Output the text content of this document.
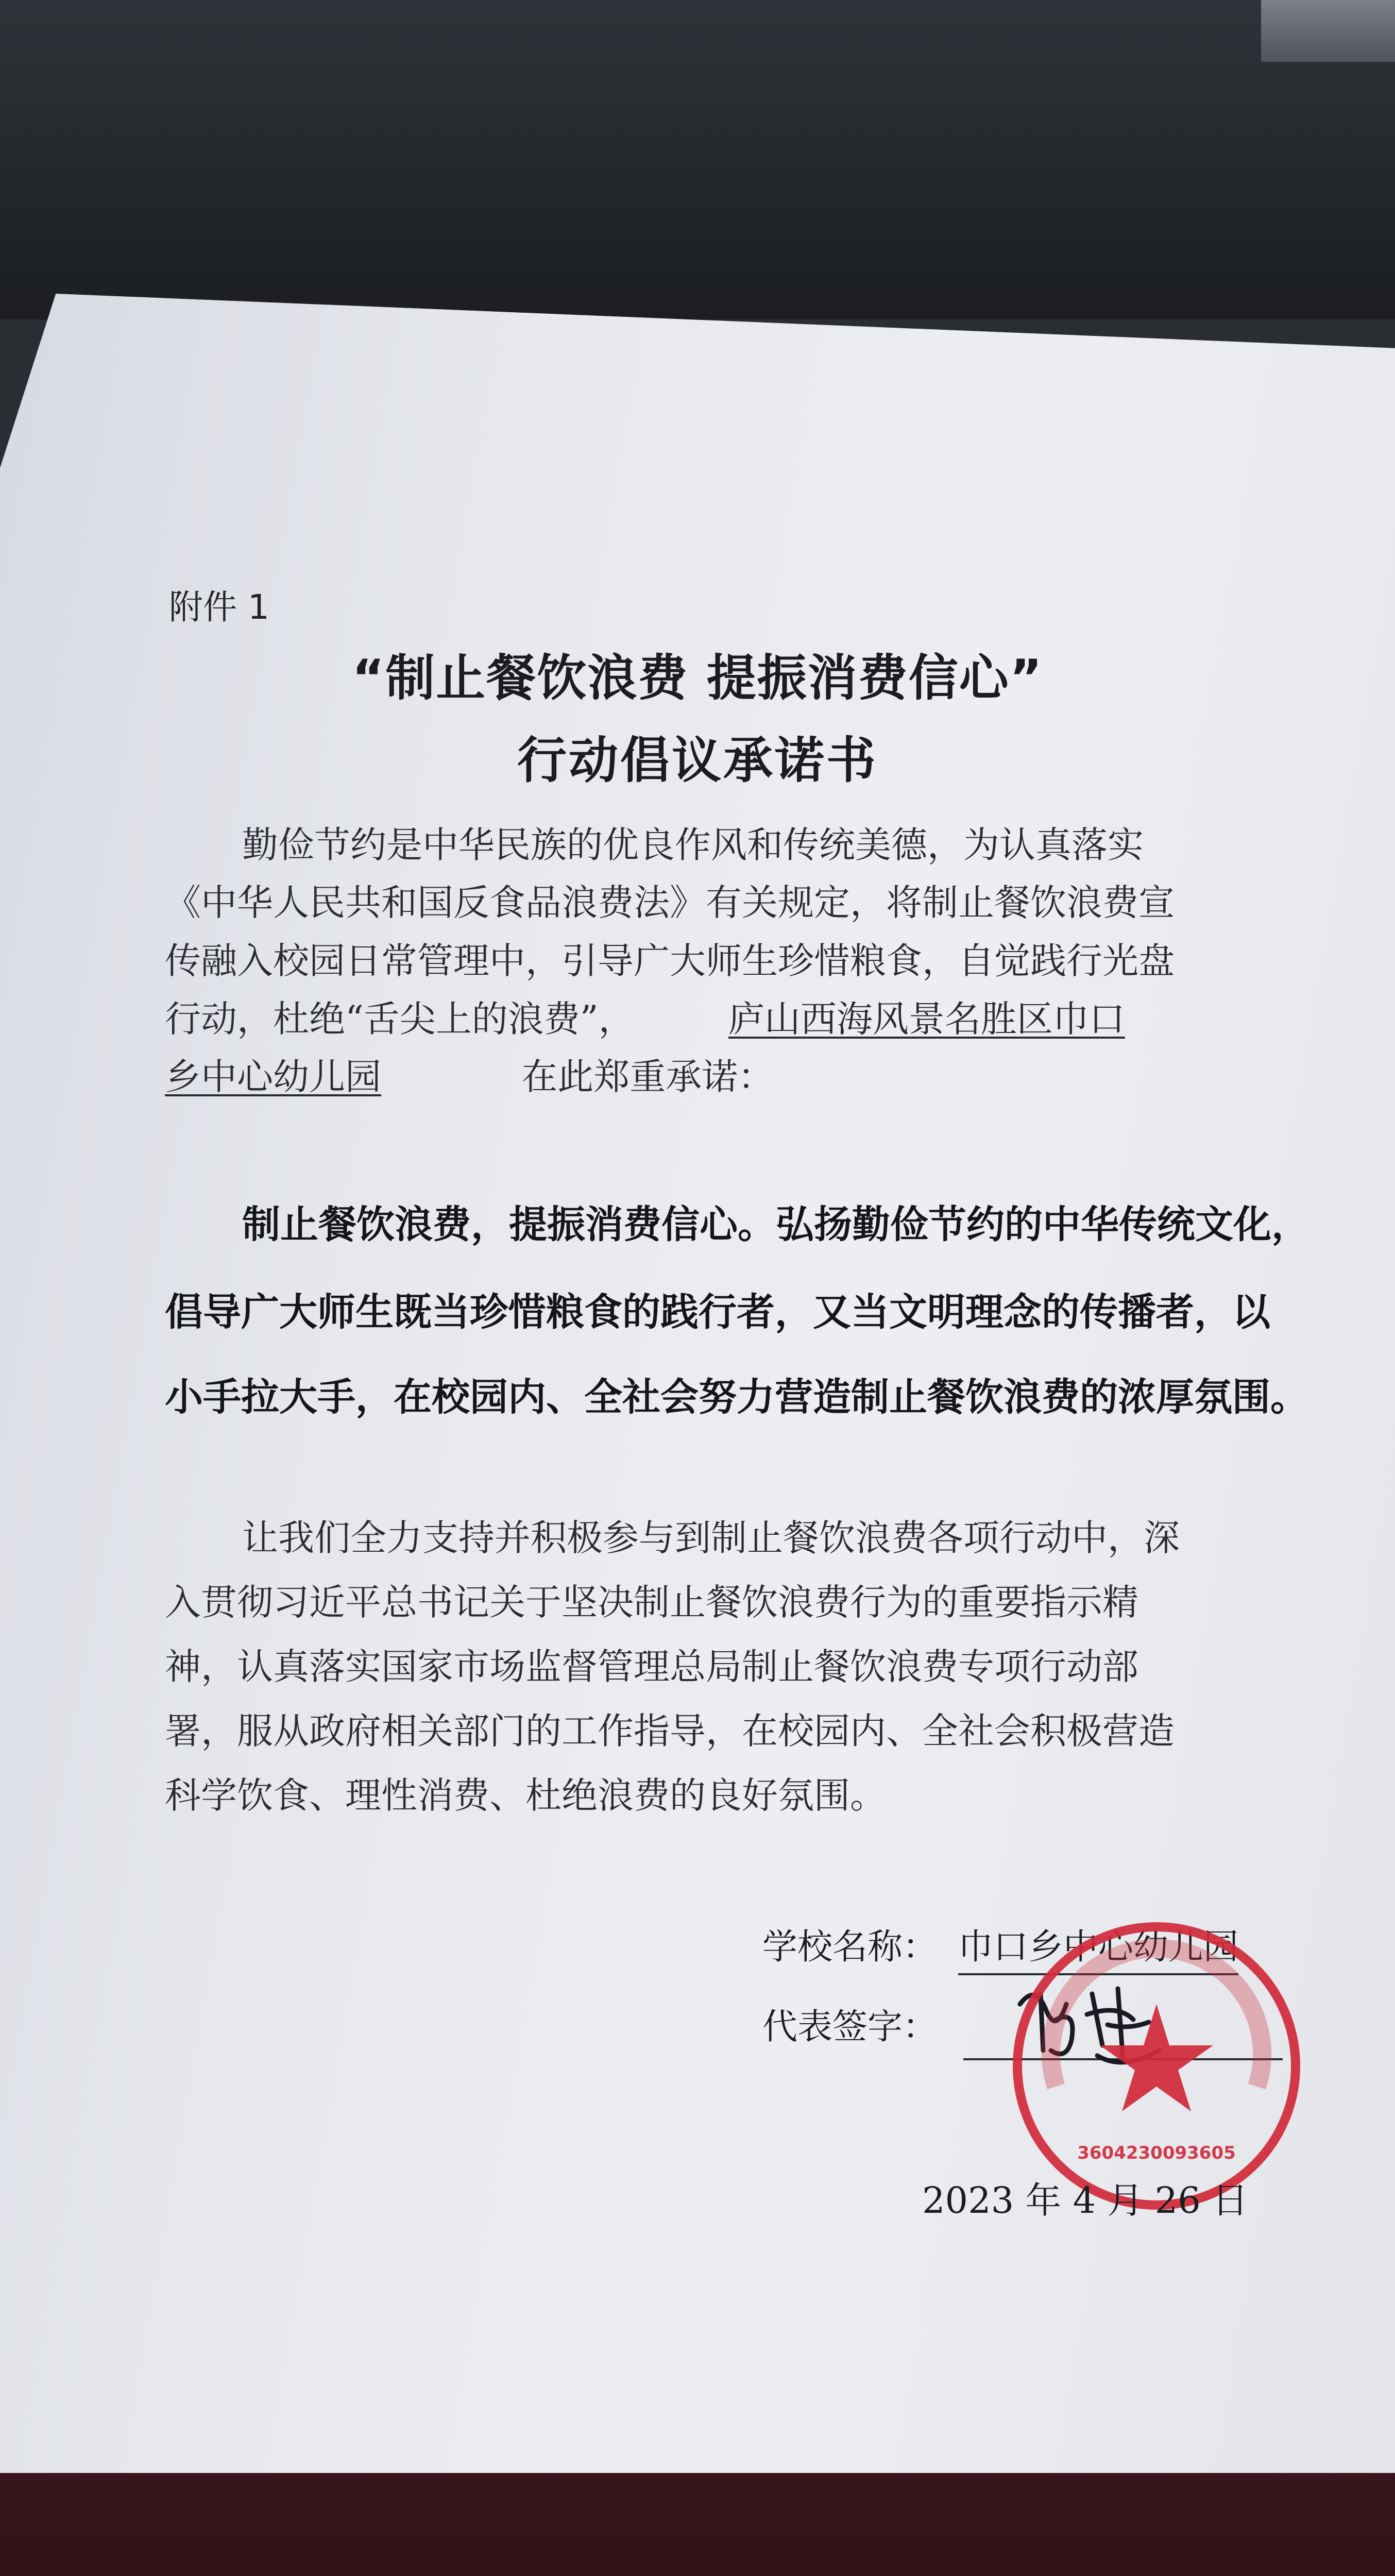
附件 1
“制止餐饮浪费 提振消费信心”
行动倡议承诺书
勤俭节约是中华民族的优良作风和传统美德，为认真落实
《中华人民共和国反食品浪费法》有关规定，将制止餐饮浪费宣
传融入校园日常管理中，引导广大师生珍惜粮食，自觉践行光盘
行动，杜绝“舌尖上的浪费”，	庐山西海风景名胜区巾口
乡中心幼儿园	在此郑重承诺：
制止餐饮浪费，提振消费信心。弘扬勤俭节约的中华传统文化，
倡导广大师生既当珍惜粮食的践行者，又当文明理念的传播者，以
小手拉大手，在校园内、全社会努力营造制止餐饮浪费的浓厚氛围。
让我们全力支持并积极参与到制止餐饮浪费各项行动中，深
入贯彻习近平总书记关于坚决制止餐饮浪费行为的重要指示精
神，认真落实国家市场监督管理总局制止餐饮浪费专项行动部
署，服从政府相关部门的工作指导，在校园内、全社会积极营造
科学饮食、理性消费、杜绝浪费的良好氛围。
学校名称： 巾口乡中心幼儿园
代表签字：
3604230093605
2023 年 4 月 26 日
